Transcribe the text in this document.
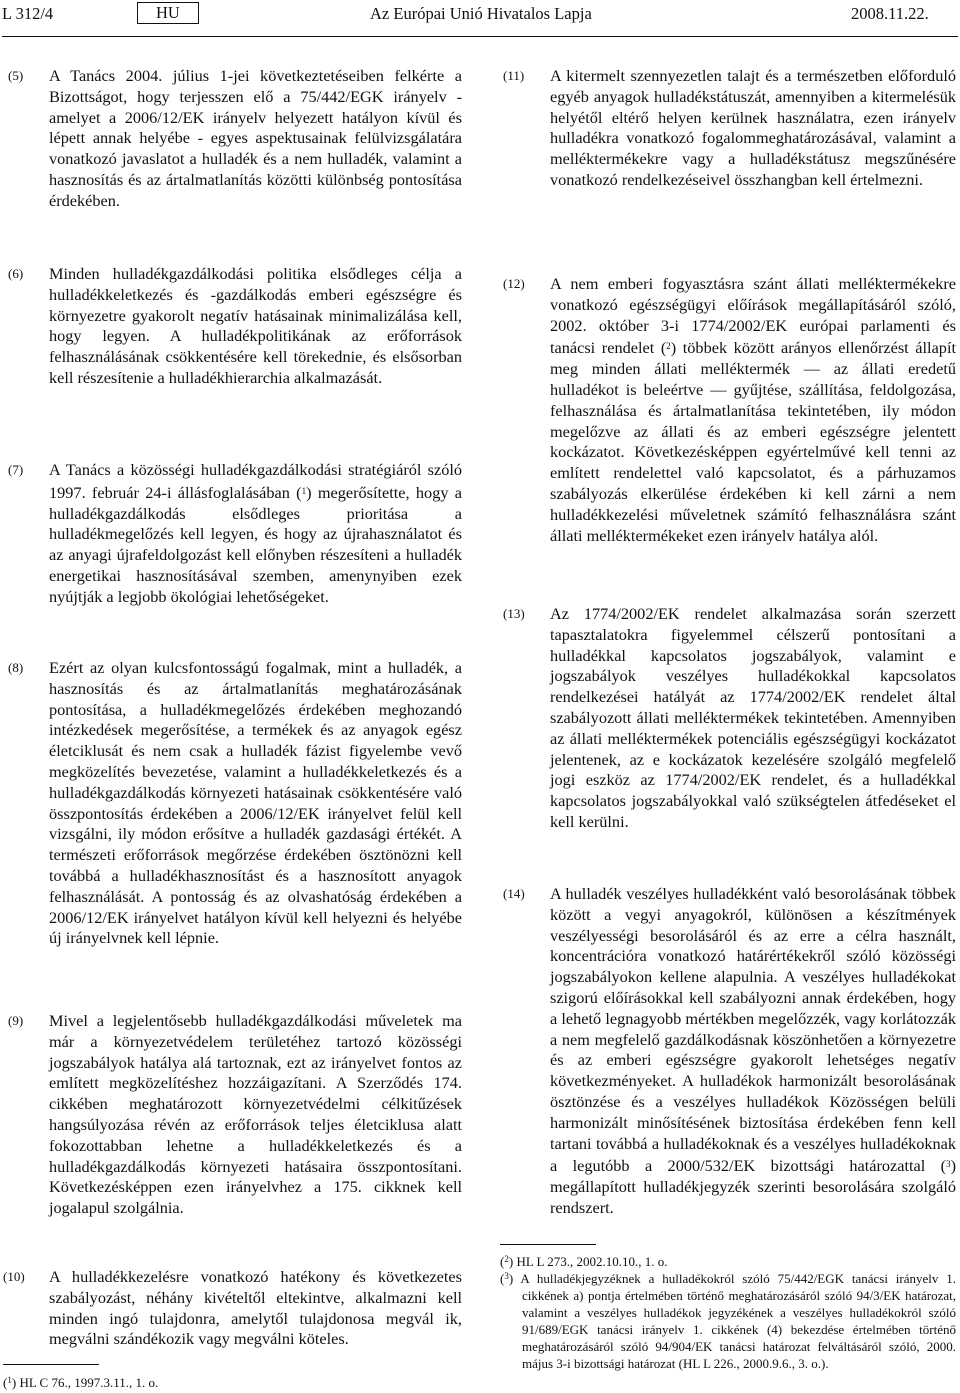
L 312/4	HU	Az Európai Unió Hivatalos Lapja	2008.11.22.
(5) A Tanács 2004. július 1-jei következtetéseiben felkérte a Bizottságot, hogy terjesszen elő a 75/442/EGK irányelv - amelyet a 2006/12/EK irányelv helyezett hatályon kívül és lépett annak helyébe - egyes aspektusainak felülvizsgálatára vonatkozó javaslatot a hulladék és a nem hulladék, valamint a hasznosítás és az ártalmatlanítás közötti különbség pontosítása érdekében.
(6) Minden hulladékgazdálkodási politika elsődleges célja a hulladékkeletkezés és -gazdálkodás emberi egészségre és környezetre gyakorolt negatív hatásainak minimalizálása kell, hogy legyen. A hulladékpolitikának az erőforrások felhasználásának csökkentésére kell törekednie, és elsősorban kell részesítenie a hulladékhierarchia alkalmazását.
(7) A Tanács a közösségi hulladékgazdálkodási stratégiáról szóló 1997. február 24-i állásfoglalásában ($^1$) megerősítette, hogy a hulladékgazdálkodás elsődleges prioritása a hulladékmegelőzés kell legyen, és hogy az újrahasználatot és az anyagi újrafeldolgozást kell előnyben részesíteni a hulladék energetikai hasznosításával szemben, amenynyiben ezek nyújtják a legjobb ökológiai lehetőségeket.
(8) Ezért az olyan kulcsfontosságú fogalmak, mint a hulladék, a hasznosítás és az ártalmatlanítás meghatározásának pontosítása, a hulladékmegelőzés érdekében meghozandó intézkedések megerősítése, a termékek és az anyagok egész életciklusát és nem csak a hulladék fázist figyelembe vevő megközelítés bevezetése, valamint a hulladékkeletkezés és a hulladékgazdálkodás környezeti hatásainak csökkentésére való összpontosítás érdekében a 2006/12/EK irányelvet felül kell vizsgálni, ily módon erősítve a hulladék gazdasági értékét. A természeti erőforrások megőrzése érdekében ösztönözni kell továbbá a hulladékhasznosítást és a hasznosított anyagok felhasználását. A pontosság és az olvashatóság érdekében a 2006/12/EK irányelvet hatályon kívül kell helyezni és helyébe új irányelvnek kell lépnie.
(9) Mivel a legjelentősebb hulladékgazdálkodási műveletek ma már a környezetvédelem területéhez tartozó közösségi jogszabályok hatálya alá tartoznak, ezt az irányelvet fontos az említett megközelítéshez hozzáigazítani. A Szerződés 174. cikkében meghatározott környezetvédelmi célkitűzések hangsúlyozása révén az erőforrások teljes életciklusa alatt fokozottabban lehetne a hulladékkeletkezés és a hulladékgazdálkodás környezeti hatásaira összpontosítani. Következésképpen ezen irányelvhez a 175. cikknek kell jogalapul szolgálnia.
(10) A hulladékkezelésre vonatkozó hatékony és következetes szabályozást, néhány kivételtől eltekintve, alkalmazni kell minden ingó tulajdonra, amelytől tulajdonosa megvál ik, megválni szándékozik vagy megválni köteles.
($^1$) HL C 76., 1997.3.11., 1. o.
(11) A kitermelt szennyezetlen talajt és a természetben előforduló egyéb anyagok hulladékstátuszát, amennyiben a kitermelésük helyétől eltérő helyen kerülnek használatra, ezen irányelv hulladékra vonatkozó fogalommeghatározásával, valamint a melléktermékekre vagy a hulladékstátusz megszűnésére vonatkozó rendelkezéseivel összhangban kell értelmezni.
(12) A nem emberi fogyasztásra szánt állati melléktermékekre vonatkozó egészségügyi előírások megállapításáról szóló, 2002. október 3-i 1774/2002/EK európai parlamenti és tanácsi rendelet ($^2$) többek között arányos ellenőrzést állapít meg minden állati melléktermék — az állati eredetű hulladékot is beleértve — gyűjtése, szállítása, feldolgozása, felhasználása és ártalmatlanítása tekintetében, ily módon megelőzve az állati és az emberi egészségre jelentett kockázatot. Következésképpen egyértelművé kell tenni az említett rendelettel való kapcsolatot, és a párhuzamos szabályozás elkerülése érdekében ki kell zárni a nem hulladékkezelési műveletnek számító felhasználásra szánt állati melléktermékeket ezen irányelv hatálya alól.
(13) Az 1774/2002/EK rendelet alkalmazása során szerzett tapasztalatokra figyelemmel célszerű pontosítani a hulladékkal kapcsolatos jogszabályok, valamint e jogszabályok veszélyes hulladékokkal kapcsolatos rendelkezései hatályát az 1774/2002/EK rendelet által szabályozott állati melléktermékek tekintetében. Amennyiben az állati melléktermékek potenciális egészségügyi kockázatot jelentenek, az e kockázatok kezelésére szolgáló megfelelő jogi eszköz az 1774/2002/EK rendelet, és a hulladékkal kapcsolatos jogszabályokkal való szükségtelen átfedéseket el kell kerülni.
(14) A hulladék veszélyes hulladékként való besorolásának többek között a vegyi anyagokról, különösen a készítmények veszélyességi besorolásáról és az erre a célra használt, koncentrációra vonatkozó határértékekről szóló közösségi jogszabályokon kellene alapulnia. A veszélyes hulladékokat szigorú előírásokkal kell szabályozni annak érdekében, hogy a lehető legnagyobb mértékben megelőzzék, vagy korlátozzák a nem megfelelő gazdálkodásnak köszönhetően a környezetre és az emberi egészségre gyakorolt lehetséges negatív következményeket. A hulladékok harmonizált besorolásának ösztönzése és a veszélyes hulladékok Közösségen belüli harmonizált minősítésének biztosítása érdekében fenn kell tartani továbbá a hulladékoknak és a veszélyes hulladékoknak a legutóbb a 2000/532/EK bizottsági határozattal ($^3$) megállapított hulladékjegyzék szerinti besorolására szolgáló rendszert.
($^2$) HL L 273., 2002.10.10., 1. o.
($^3$) A hulladékjegyzéknek a hulladékokról szóló 75/442/EGK tanácsi irányelv 1. cikkének a) pontja értelmében történő meghatározásáról szóló 94/3/EK határozat, valamint a veszélyes hulladékok jegyzékének a veszélyes hulladékokról szóló 91/689/EGK tanácsi irányelv 1. cikkének (4) bekezdése értelmében történő meghatározásáról szóló 94/904/EK tanácsi határozat felváltásáról szóló, 2000. május 3-i bizottsági határozat (HL L 226., 2000.9.6., 3. o.).
